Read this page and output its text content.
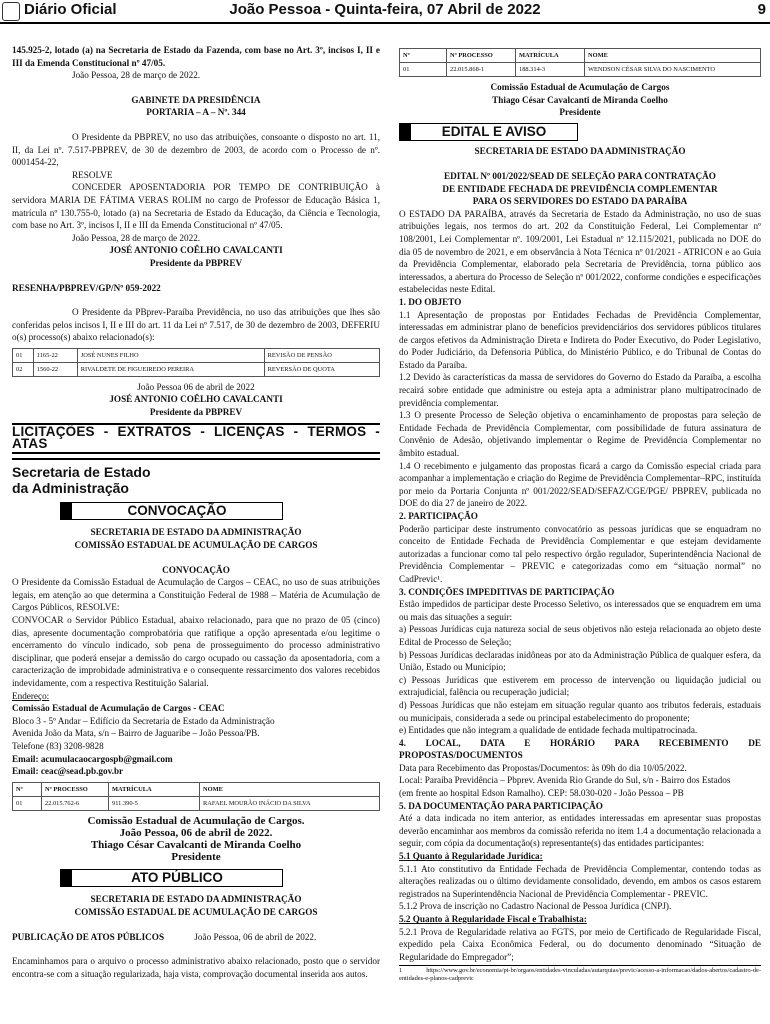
Diário Oficial	João Pessoa - Quinta-feira, 07 Abril de 2022	9

145.925-2, lotado (a) na Secretaria de Estado da Fazenda, com base no Art. 3º, incisos I, II e III da Emenda Constitucional nº 47/05.

João Pessoa, 28 de março de 2022.

GABINETE DA PRESIDÊNCIA

PORTARIA – A – Nº. 344

O Presidente da PBPREV, no uso das atribuições, consoante o disposto no art. 11, II, da Lei nº. 7.517-PBPREV, de 30 de dezembro de 2003, de acordo com o Processo de nº. 0001454-22,

RESOLVE

CONCEDER APOSENTADORIA POR TEMPO DE CONTRIBUIÇÃO à servidora MARIA DE FÁTIMA VERAS ROLIM no cargo de Professor de Educação Básica 1, matrícula nº 130.755-0, lotado (a) na Secretaria de Estado da Educação, da Ciência e Tecnologia, com base no Art. 3º, incisos I, II e III da Emenda Constitucional nº 47/05.

João Pessoa, 28 de março de 2022.

JOSÉ ANTONIO COÊLHO CAVALCANTI

Presidente da PBPREV

RESENHA/PBPREV/GP/Nº 059-2022

O Presidente da PBprev-Paraíba Previdência, no uso das atribuições que lhes são conferidas pelos incisos I, II e III do art. 11 da Lei nº 7.517, de 30 de dezembro de 2003, DEFERIU o(s) processo(s) abaixo relacionado(s):

01	1165-22	JOSÉ NUNES FILHO	REVISÃO DE PENSÃO
02	1560-22	RIVALDETE DE FIGUEIREDO PEREIRA	REVERSÃO DE QUOTA

João Pessoa 06 de abril de 2022

JOSÉ ANTONIO COÊLHO CAVALCANTI

Presidente da PBPREV

LICITAÇÕES - EXTRATOS - LICENÇAS - TERMOS - ATAS
Secretaria de Estado
da Administração
CONVOCAÇÃO

SECRETARIA DE ESTADO DA ADMINISTRAÇÃO

COMISSÃO ESTADUAL DE ACUMULAÇÃO DE CARGOS

CONVOCAÇÃO

O Presidente da Comissão Estadual de Acumulação de Cargos – CEAC, no uso de suas atribuições legais, em atenção ao que determina a Constituição Federal de 1988 – Matéria de Acumulação de Cargos Públicos, RESOLVE:

CONVOCAR o Servidor Público Estadual, abaixo relacionado, para que no prazo de 05 (cinco) dias, apresente documentação comprobatória que ratifique a opção apresentada e/ou legitime o encerramento do vínculo indicado, sob pena de prosseguimento do processo administrativo disciplinar, que poderá ensejar a demissão do cargo ocupado ou cassação da aposentadoria, com a caracterização de improbidade administrativa e o consequente ressarcimento dos valores recebidos indevidamente, com a respectiva Restituição Salarial.

Endereço:

Comissão Estadual de Acumulação de Cargos - CEAC

Bloco 3 - 5º Andar – Edifício da Secretaria de Estado da Administração

Avenida João da Mata, s/n – Bairro de Jaguaribe – João Pessoa/PB.

Telefone (83) 3208-9828

Email: acumulacaocargospb@gmail.com

Email: ceac@sead.pb.gov.br

Nº	Nº PROCESSO	MATRÍCULA	NOME
01	22.015.762-6	911.390-5	RAFAEL MOURÃO INÁCIO DA SILVA

Comissão Estadual de Acumulação de Cargos.

João Pessoa, 06 de abril de 2022.

Thiago César Cavalcanti de Miranda Coelho

Presidente

ATO PÚBLICO

SECRETARIA DE ESTADO DA ADMINISTRAÇÃO

COMISSÃO ESTADUAL DE ACUMULAÇÃO DE CARGOS

PUBLICAÇÃO DE ATOS PÚBLICOS	João Pessoa, 06 de abril de 2022.

Encaminhamos para o arquivo o processo administrativo abaixo relacionado, posto que o servidor encontra-se com a situação regularizada, haja vista, comprovação documental inserida aos autos.

Nº	Nº PROCESSO	MATRÍCULA	NOME
01	22.015.868-1	188.314-3	WENDSON CÉSAR SILVA DO NASCIMENTO

Comissão Estadual de Acumulação de Cargos

Thiago César Cavalcanti de Miranda Coelho

Presidente

EDITAL E AVISO

SECRETARIA DE ESTADO DA ADMINISTRAÇÃO

EDITAL Nº 001/2022/SEAD DE SELEÇÃO PARA CONTRATAÇÃO

DE ENTIDADE FECHADA DE PREVIDÊNCIA COMPLEMENTAR

PARA OS SERVIDORES DO ESTADO DA PARAÍBA

O ESTADO DA PARAÍBA, através da Secretaria de Estado da Administração, no uso de suas atribuições legais, nos termos do art. 202 da Constituição Federal, Lei Complementar nº 108/2001, Lei Complementar nº. 109/2001, Lei Estadual nº 12.115/2021, publicada no DOE do dia 05 de novembro de 2021, e em observância à Nota Técnica nº 01/2021 - ATRICON e ao Guia da Previdência Complementar, elaborado pela Secretaria de Previdência, torna público aos interessados, a abertura do Processo de Seleção nº 001/2022, conforme condições e especificações estabelecidas neste Edital.

1. DO OBJETO

1.1 Apresentação de propostas por Entidades Fechadas de Previdência Complementar, interessadas em administrar plano de benefícios previdenciários dos servidores públicos titulares de cargos efetivos da Administração Direta e Indireta do Poder Executivo, do Poder Legislativo, do Poder Judiciário, da Defensoria Pública, do Ministério Público, e do Tribunal de Contas do Estado da Paraíba.

1.2 Devido às características da massa de servidores do Governo do Estado da Paraíba, a escolha recairá sobre entidade que administre ou esteja apta a administrar plano multipatrocinado de previdência complementar.

1.3 O presente Processo de Seleção objetiva o encaminhamento de propostas para seleção de Entidade Fechada de Previdência Complementar, com possibilidade de futura assinatura de Convênio de Adesão, objetivando implementar o Regime de Previdência Complementar no âmbito estadual.

1.4 O recebimento e julgamento das propostas ficará a cargo da Comissão especial criada para acompanhar a implementação e criação do Regime de Previdência Complementar–RPC, instituída por meio da Portaria Conjunta nº 001/2022/SEAD/SEFAZ/CGE/PGE/ PBPREV, publicada no DOE do dia 27 de janeiro de 2022.

2. PARTICIPAÇÃO

Poderão participar deste instrumento convocatório as pessoas jurídicas que se enquadram no conceito de Entidade Fechada de Previdência Complementar e que estejam devidamente autorizadas a funcionar como tal pelo respectivo órgão regulador, Superintendência Nacional de Previdência Complementar – PREVIC e categorizadas como em “situação normal” no CadPrevic¹.

3. CONDIÇÕES IMPEDITIVAS DE PARTICIPAÇÃO

Estão impedidos de participar deste Processo Seletivo, os interessados que se enquadrem em uma ou mais das situações a seguir:

a) Pessoas Jurídicas cuja natureza social de seus objetivos não esteja relacionada ao objeto deste Edital de Processo de Seleção;

b) Pessoas Jurídicas declaradas inidôneas por ato da Administração Pública de qualquer esfera, da União, Estado ou Município;

c) Pessoas Jurídicas que estiverem em processo de intervenção ou liquidação judicial ou extrajudicial, falência ou recuperação judicial;

d) Pessoas Jurídicas que não estejam em situação regular quanto aos tributos federais, estaduais ou municipais, considerada a sede ou principal estabelecimento do proponente;

e) Entidades que não integram a qualidade de entidade fechada multipatrocinada.

4. LOCAL, DATA E HORÁRIO PARA RECEBIMENTO DE PROPOSTAS/DOCUMENTOS

Data para Recebimento das Propostas/Documentos: às 09h do dia 10/05/2022.

Local: Paraíba Previdência – Pbprev. Avenida Rio Grande do Sul, s/n - Bairro dos Estados

(em frente ao hospital Edson Ramalho). CEP: 58.030-020 - João Pessoa – PB

5. DA DOCUMENTAÇÃO PARA PARTICIPAÇÃO

Até a data indicada no item anterior, as entidades interessadas em apresentar suas propostas deverão encaminhar aos membros da comissão referida no item 1.4 a documentação relacionada a seguir, com cópia da documentação(s) representante(s) das entidades participantes:

5.1 Quanto à Regularidade Jurídica:

5.1.1 Ato constitutivo da Entidade Fechada de Previdência Complementar, contendo todas as alterações realizadas ou o último devidamente consolidado, devendo, em ambos os casos estarem registrados na Superintendência Nacional de Previdência Complementar - PREVIC.

5.1.2 Prova de inscrição no Cadastro Nacional de Pessoa Jurídica (CNPJ).

5.2 Quanto à Regularidade Fiscal e Trabalhista:

5.2.1 Prova de Regularidade relativa ao FGTS, por meio de Certificado de Regularidade Fiscal, expedido pela Caixa Econômica Federal, ou do documento denominado “Situação de Regularidade do Empregador”;

1 https://www.gov.br/economia/pt-br/orgaos/entidades-vinculadas/autarquias/previc/acesso-a-informacao/dados-abertos/cadastro-de-entidades-e-planos-cadprevic
